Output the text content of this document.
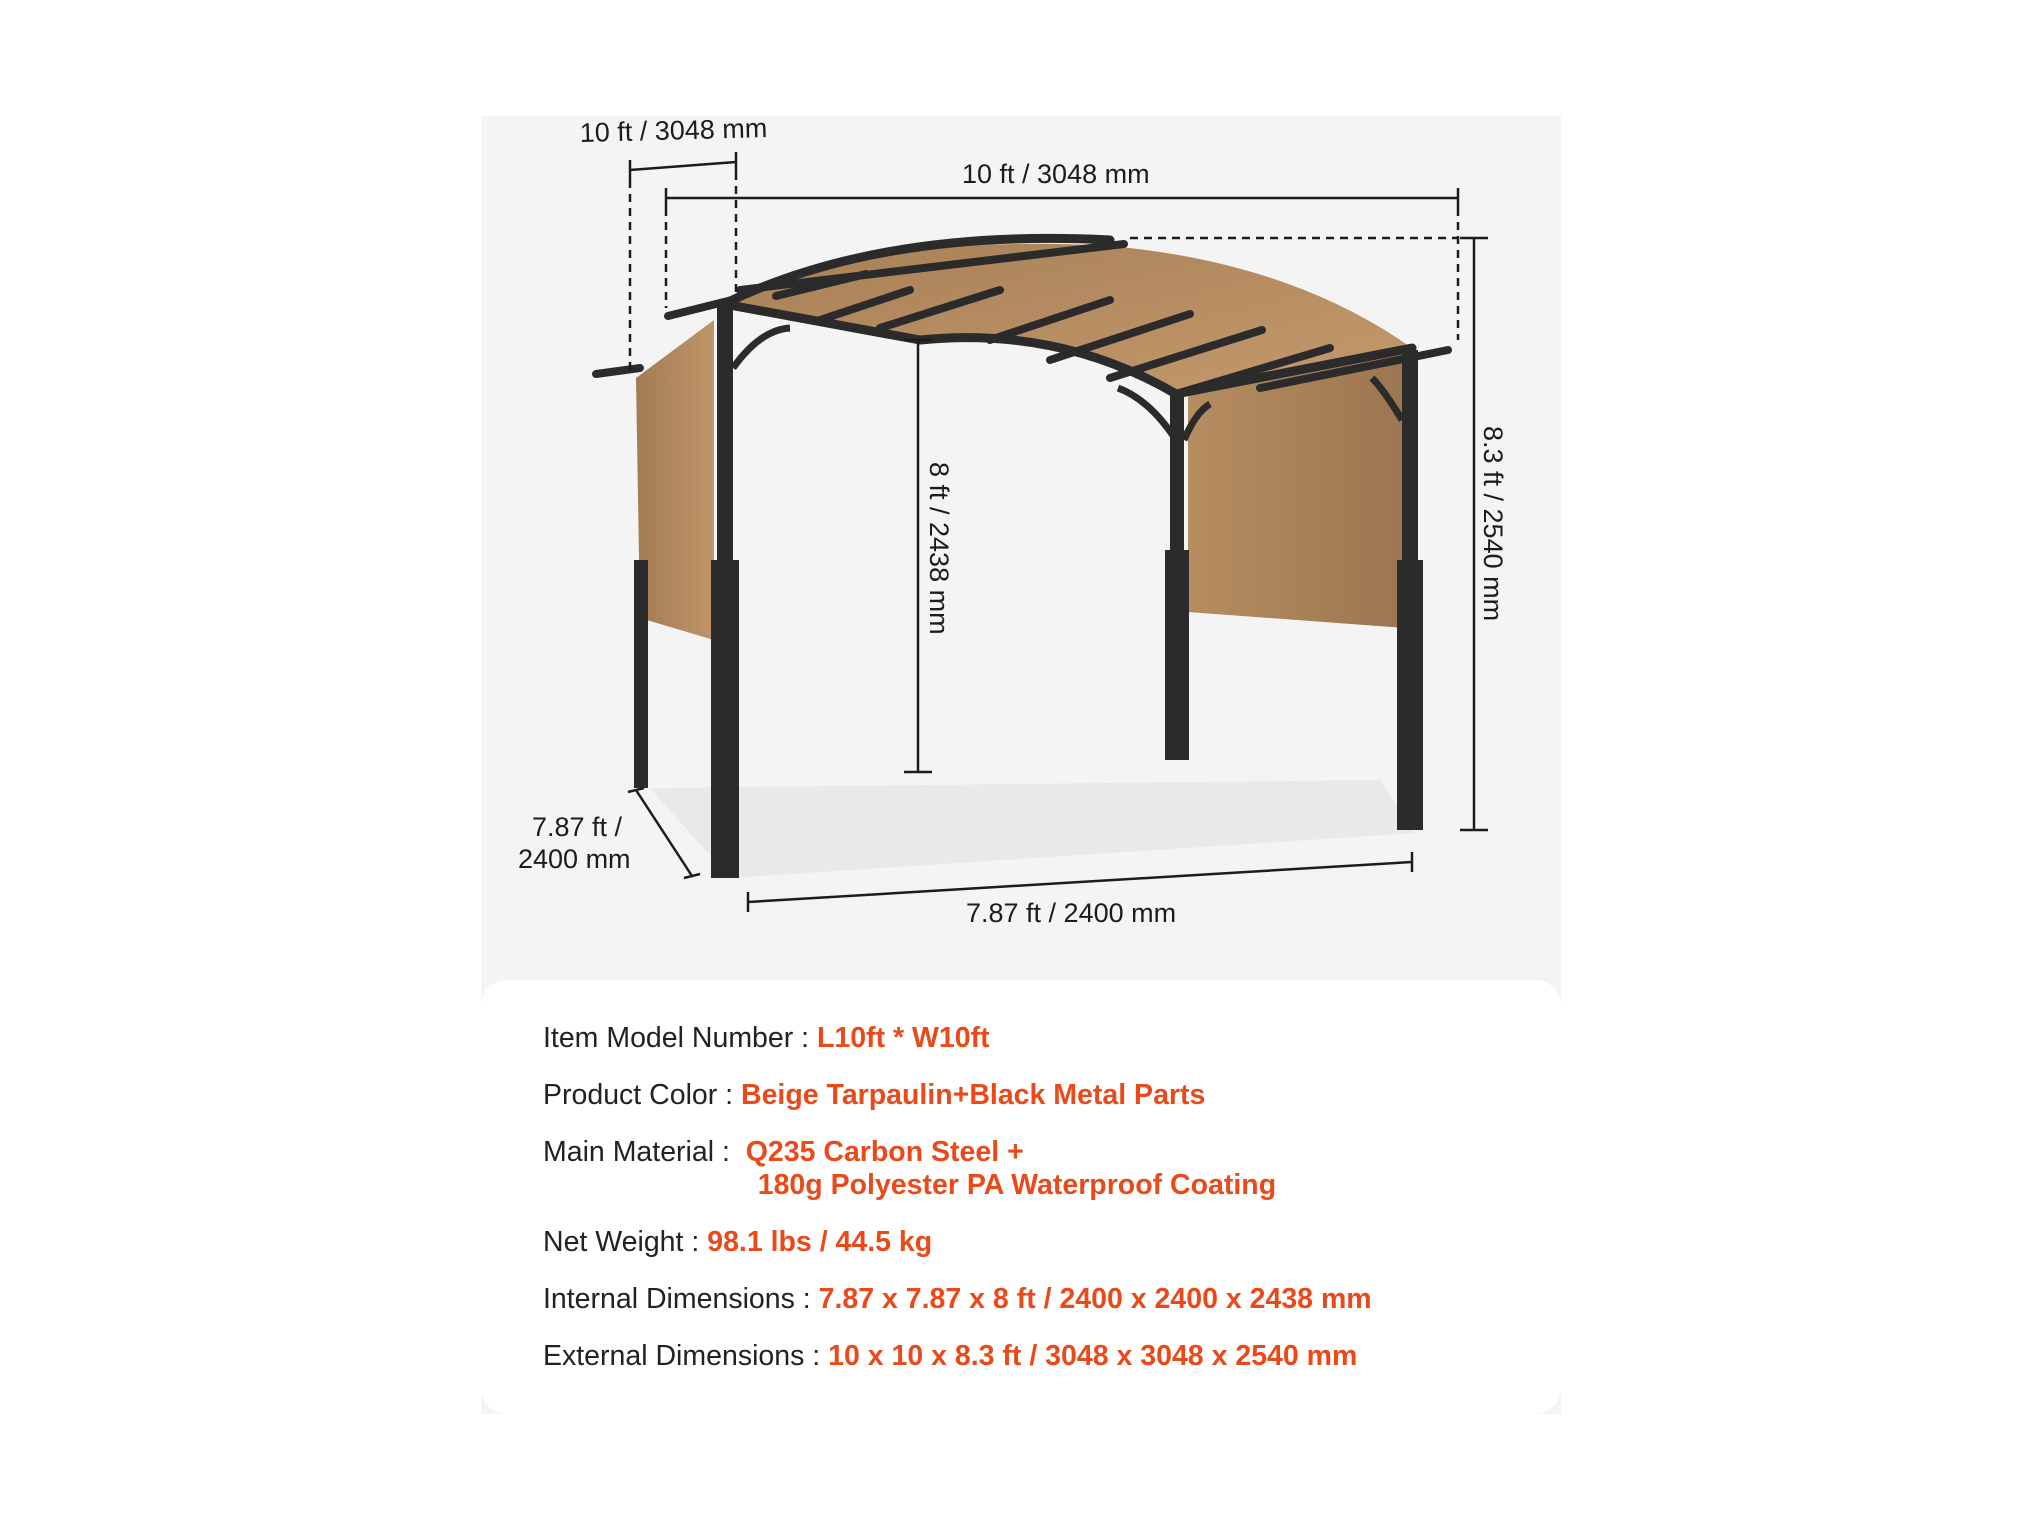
10 ft / 3048 mm
10 ft / 3048 mm
8 ft / 2438 mm	8.3 ft / 2540 mm
7.87 ft /
2400 mm
7.87 ft / 2400 mm
Item Model Number : L10ft * W10ft
Product Color : Beige Tarpaulin+Black Metal Parts
Main Material : Q235 Carbon Steel +
180g Polyester PA Waterproof Coating
Net Weight : 98.1 lbs / 44.5 kg
Internal Dimensions : 7.87 x 7.87 x 8 ft / 2400 x 2400 x 2438 mm
External Dimensions : 10 x 10 x 8.3 ft / 3048 x 3048 x 2540 mm
